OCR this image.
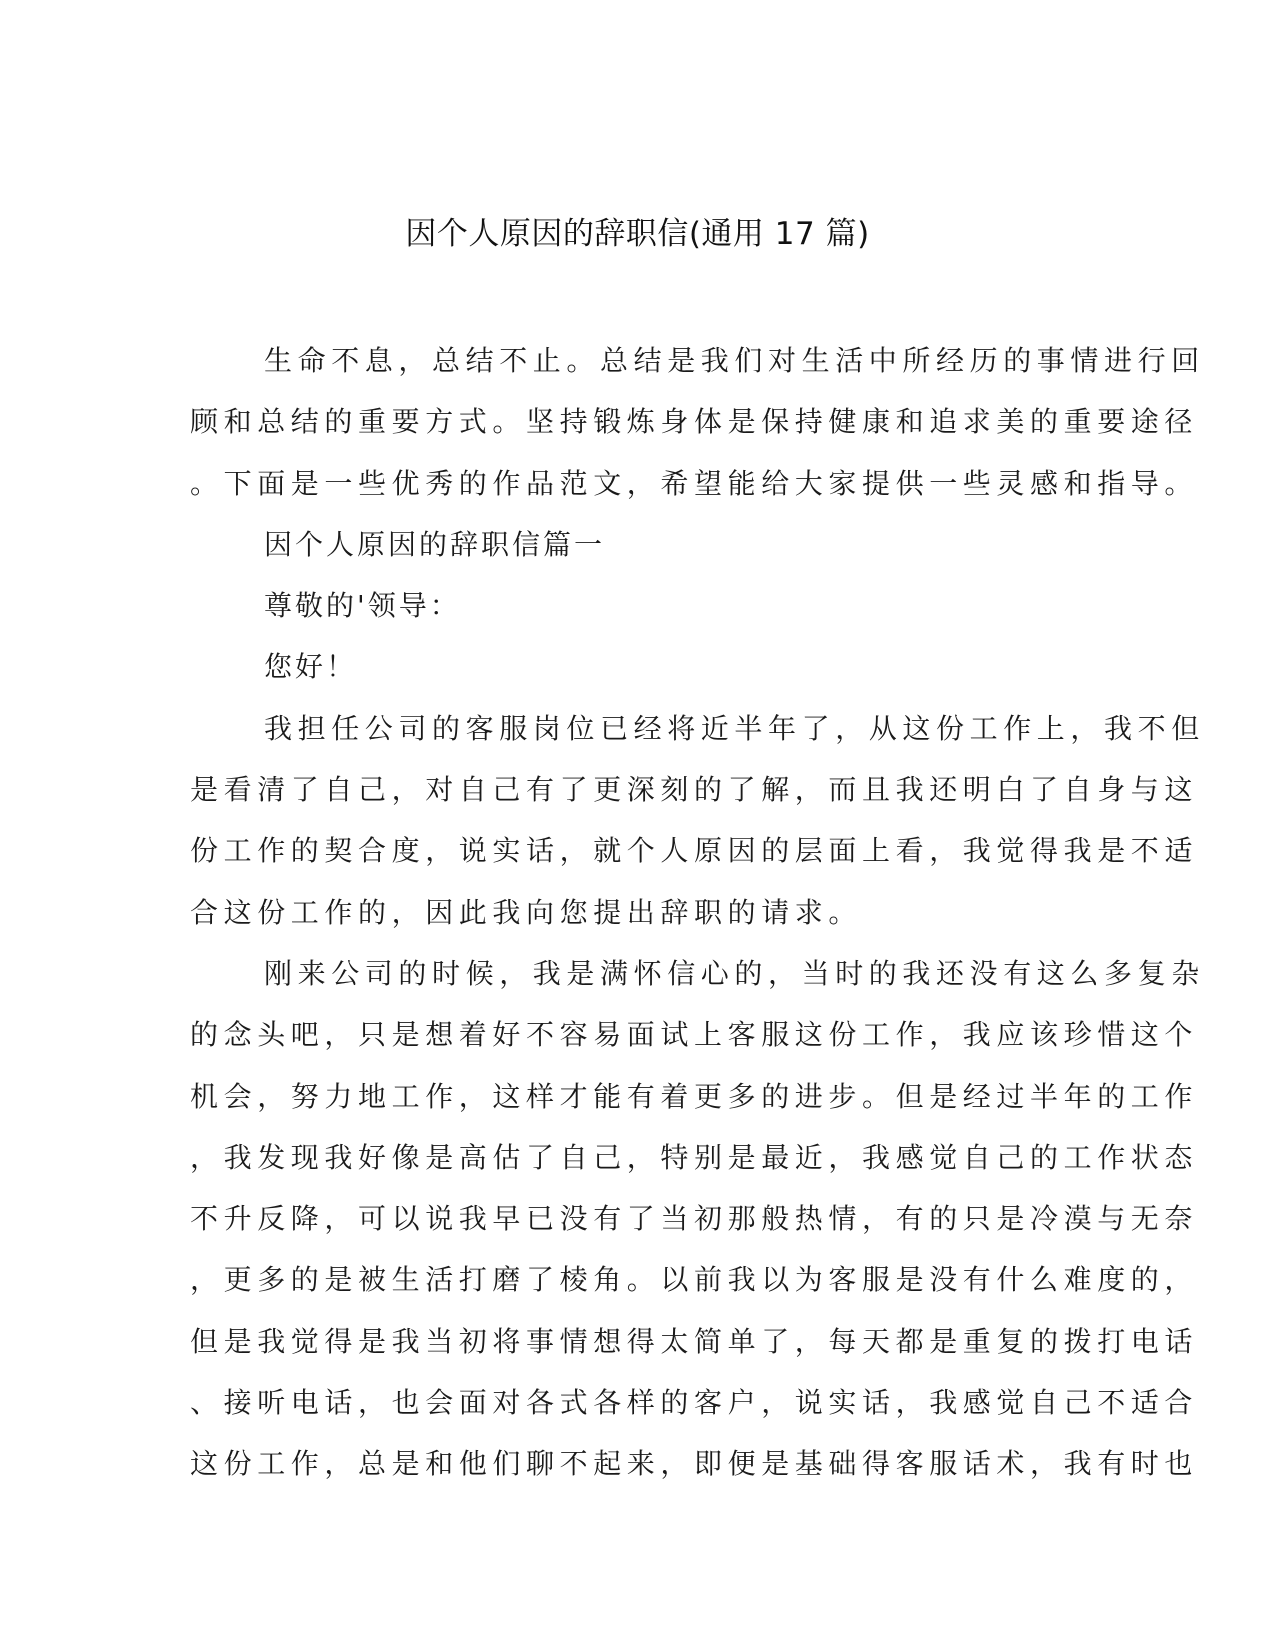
因个人原因的辞职信(通用 17 篇)
生命不息，总结不止。总结是我们对生活中所经历的事情进行回
顾和总结的重要方式。坚持锻炼身体是保持健康和追求美的重要途径
。下面是一些优秀的作品范文，希望能给大家提供一些灵感和指导。
因个人原因的辞职信篇一
尊敬的'领导：
您好！
我担任公司的客服岗位已经将近半年了，从这份工作上，我不但
是看清了自己，对自己有了更深刻的了解，而且我还明白了自身与这
份工作的契合度，说实话，就个人原因的层面上看，我觉得我是不适
合这份工作的，因此我向您提出辞职的请求。
刚来公司的时候，我是满怀信心的，当时的我还没有这么多复杂
的念头吧，只是想着好不容易面试上客服这份工作，我应该珍惜这个
机会，努力地工作，这样才能有着更多的进步。但是经过半年的工作
，我发现我好像是高估了自己，特别是最近，我感觉自己的工作状态
不升反降，可以说我早已没有了当初那般热情，有的只是冷漠与无奈
，更多的是被生活打磨了棱角。以前我以为客服是没有什么难度的，
但是我觉得是我当初将事情想得太简单了，每天都是重复的拨打电话
、接听电话，也会面对各式各样的客户，说实话，我感觉自己不适合
这份工作，总是和他们聊不起来，即便是基础得客服话术，我有时也
